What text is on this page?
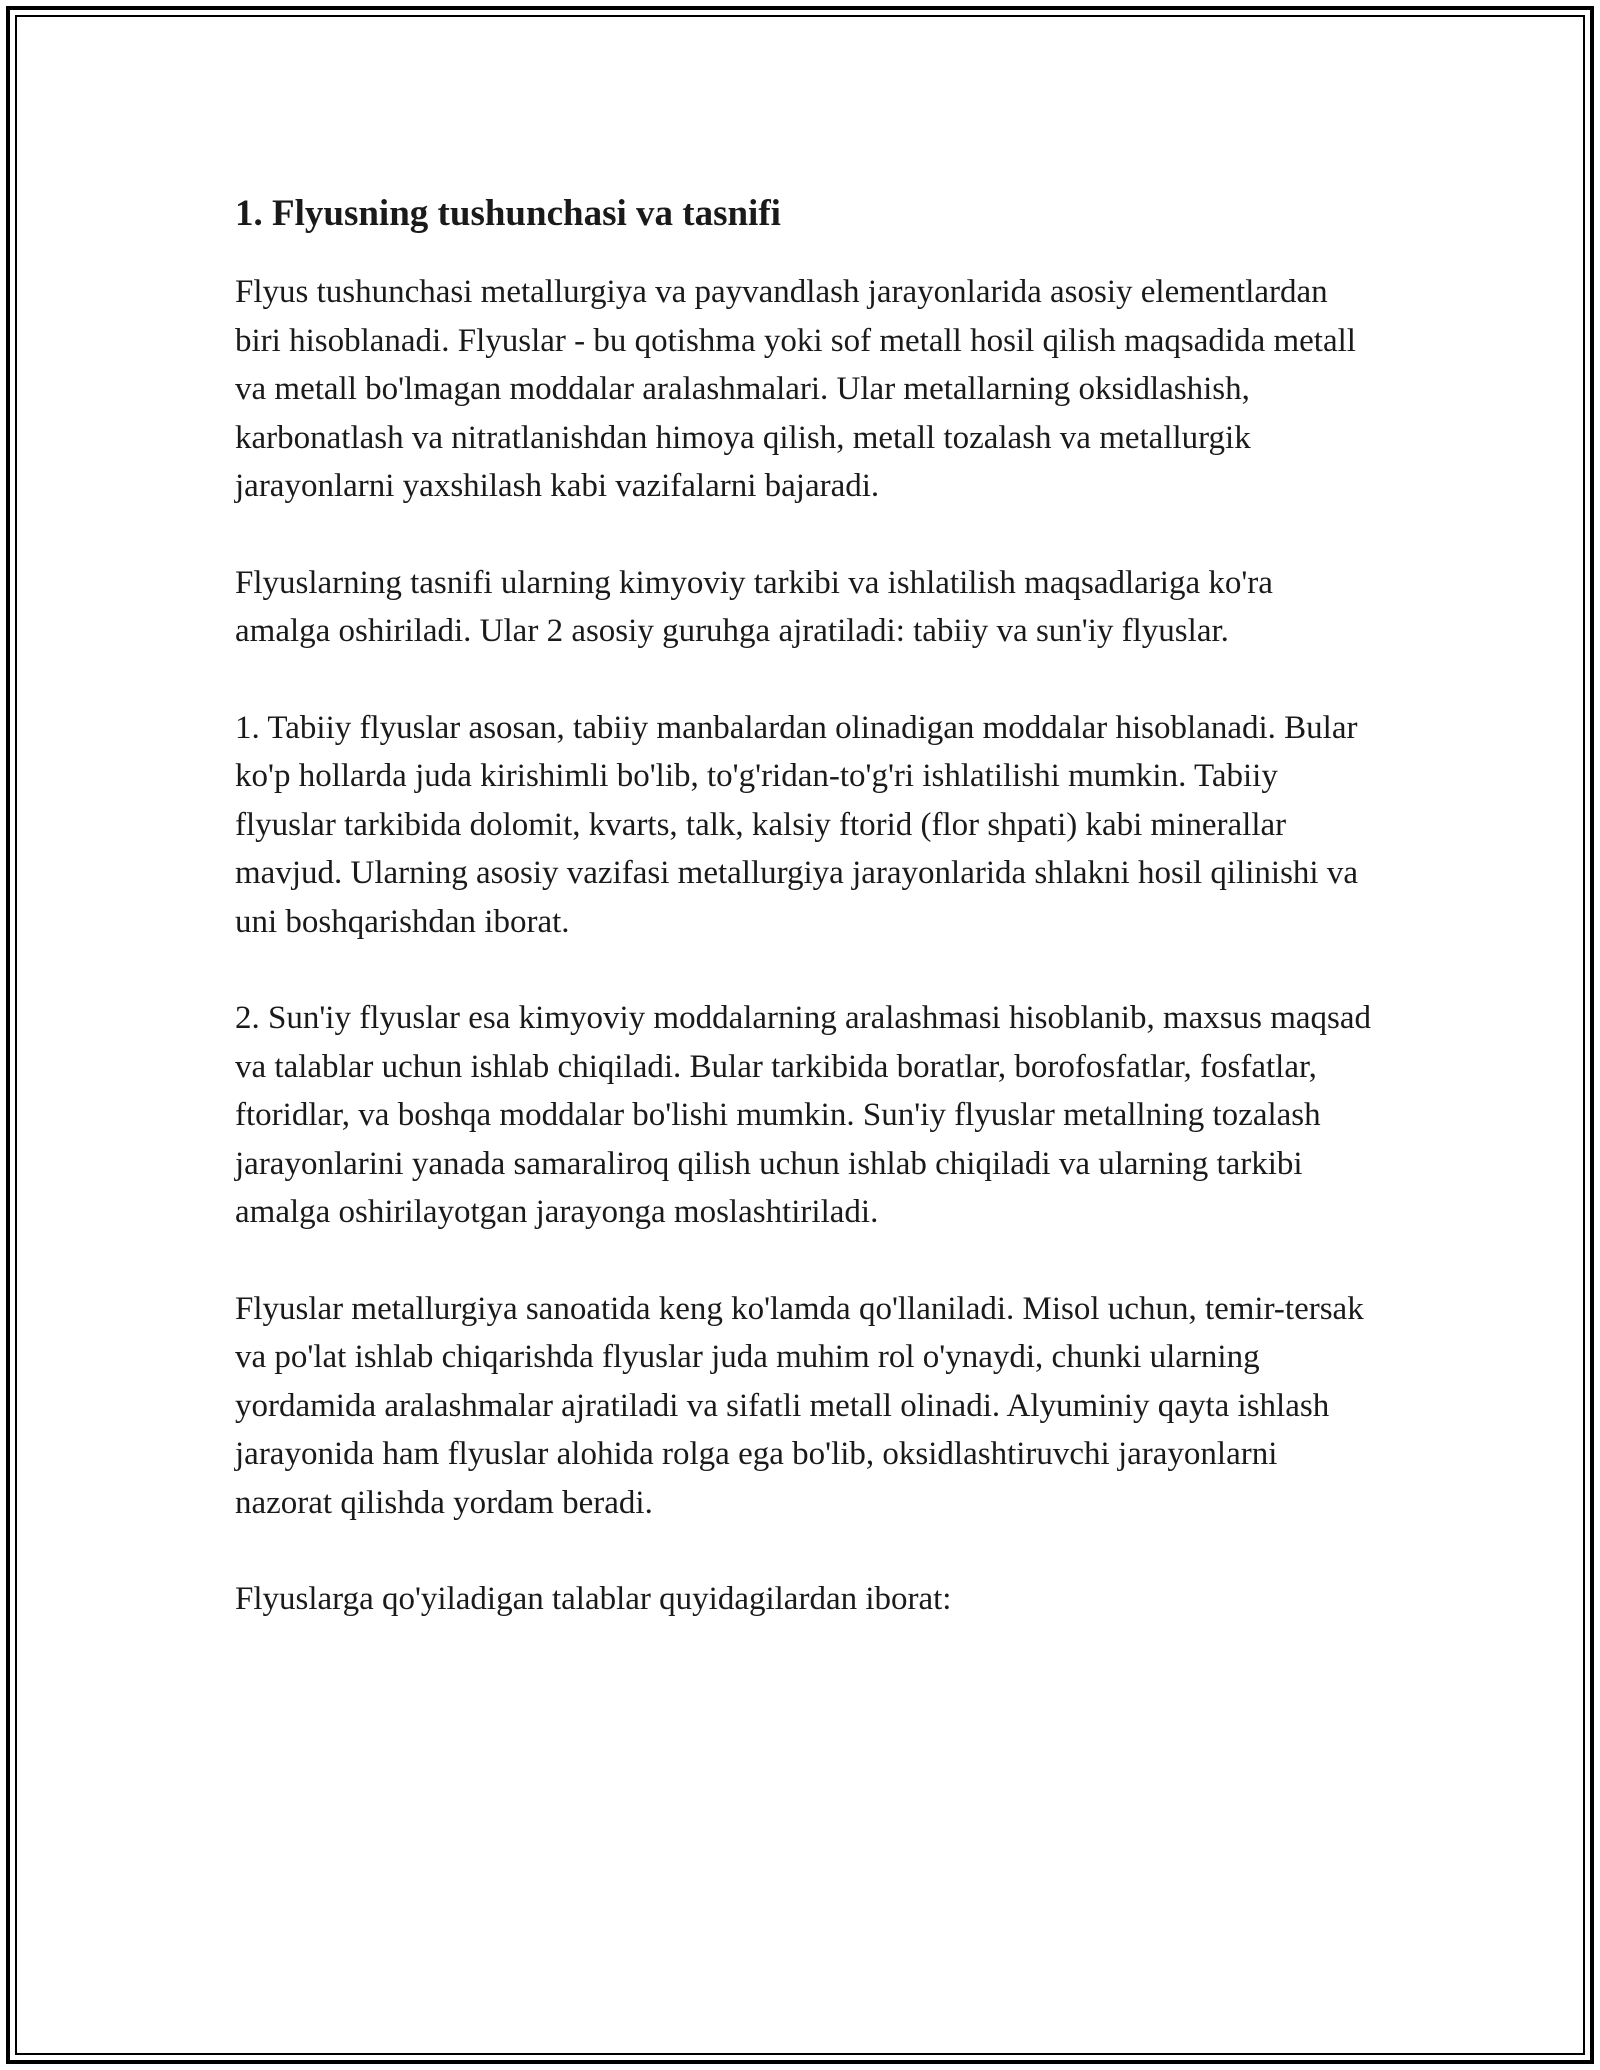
1. Flyusning tushunchasi va tasnifi

Flyus tushunchasi metallurgiya va payvandlash jarayonlarida asosiy elementlardan biri hisoblanadi. Flyuslar - bu qotishma yoki sof metall hosil qilish maqsadida metall va metall bo'lmagan moddalar aralashmalari. Ular metallarning oksidlashish, karbonatlash va nitratlanishdan himoya qilish, metall tozalash va metallurgik jarayonlarni yaxshilash kabi vazifalarni bajaradi.

Flyuslarning tasnifi ularning kimyoviy tarkibi va ishlatilish maqsadlariga ko'ra amalga oshiriladi. Ular 2 asosiy guruhga ajratiladi: tabiiy va sun'iy flyuslar.

1. Tabiiy flyuslar asosan, tabiiy manbalardan olinadigan moddalar hisoblanadi. Bular ko'p hollarda juda kirishimli bo'lib, to'g'ridan-to'g'ri ishlatilishi mumkin. Tabiiy flyuslar tarkibida dolomit, kvarts, talk, kalsiy ftorid (flor shpati) kabi minerallar mavjud. Ularning asosiy vazifasi metallurgiya jarayonlarida shlakni hosil qilinishi va uni boshqarishdan iborat.

2. Sun'iy flyuslar esa kimyoviy moddalarning aralashmasi hisoblanib, maxsus maqsad va talablar uchun ishlab chiqiladi. Bular tarkibida boratlar, borofosfatlar, fosfatlar, ftoridlar, va boshqa moddalar bo'lishi mumkin. Sun'iy flyuslar metallning tozalash jarayonlarini yanada samaraliroq qilish uchun ishlab chiqiladi va ularning tarkibi amalga oshirilayotgan jarayonga moslashtiriladi.

Flyuslar metallurgiya sanoatida keng ko'lamda qo'llaniladi. Misol uchun, temir-tersak va po'lat ishlab chiqarishda flyuslar juda muhim rol o'ynaydi, chunki ularning yordamida aralashmalar ajratiladi va sifatli metall olinadi. Alyuminiy qayta ishlash jarayonida ham flyuslar alohida rolga ega bo'lib, oksidlashtiruvchi jarayonlarni nazorat qilishda yordam beradi.

Flyuslarga qo'yiladigan talablar quyidagilardan iborat:
